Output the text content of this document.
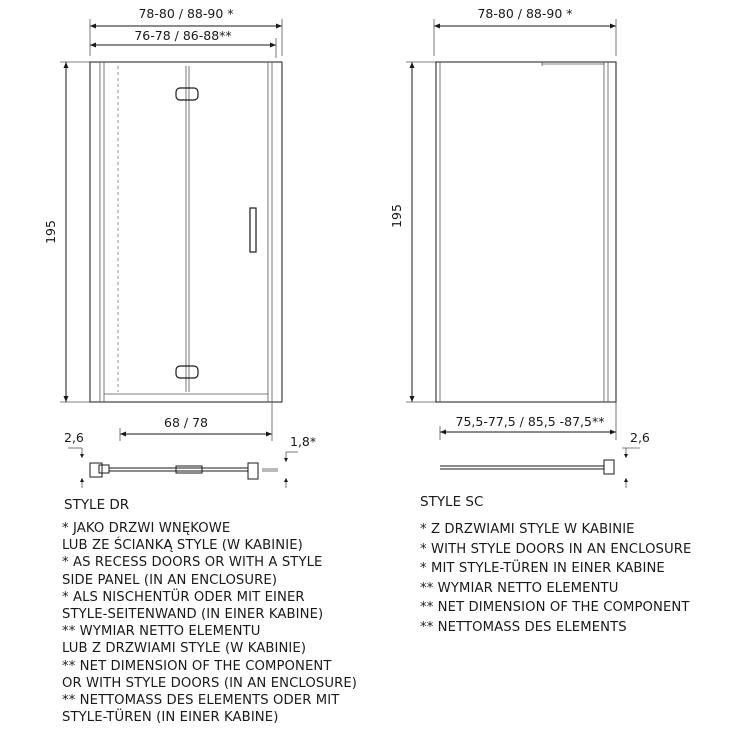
78-80 / 88-90 *
76-78 / 86-88**
195
68 / 78
2,6	1,8*
78-80 / 88-90 *
195
75,5-77,5 / 85,5 -87,5**
2,6
STYLE DR	STYLE SC
* JAKO DRZWI WNĘKOWE
LUB ZE ŚCIANKĄ STYLE (W KABINIE)
* AS RECESS DOORS OR WITH A STYLE
SIDE PANEL (IN AN ENCLOSURE)
* ALS NISCHENTÜR ODER MIT EINER
STYLE-SEITENWAND (IN EINER KABINE)
** WYMIAR NETTO ELEMENTU
LUB Z DRZWIAMI STYLE (W KABINIE)
** NET DIMENSION OF THE COMPONENT
OR WITH STYLE DOORS (IN AN ENCLOSURE)
** NETTOMASS DES ELEMENTS ODER MIT
STYLE-TÜREN (IN EINER KABINE)
* Z DRZWIAMI STYLE W KABINIE
* WITH STYLE DOORS IN AN ENCLOSURE
* MIT STYLE-TÜREN IN EINER KABINE
** WYMIAR NETTO ELEMENTU
** NET DIMENSION OF THE COMPONENT
** NETTOMASS DES ELEMENTS
